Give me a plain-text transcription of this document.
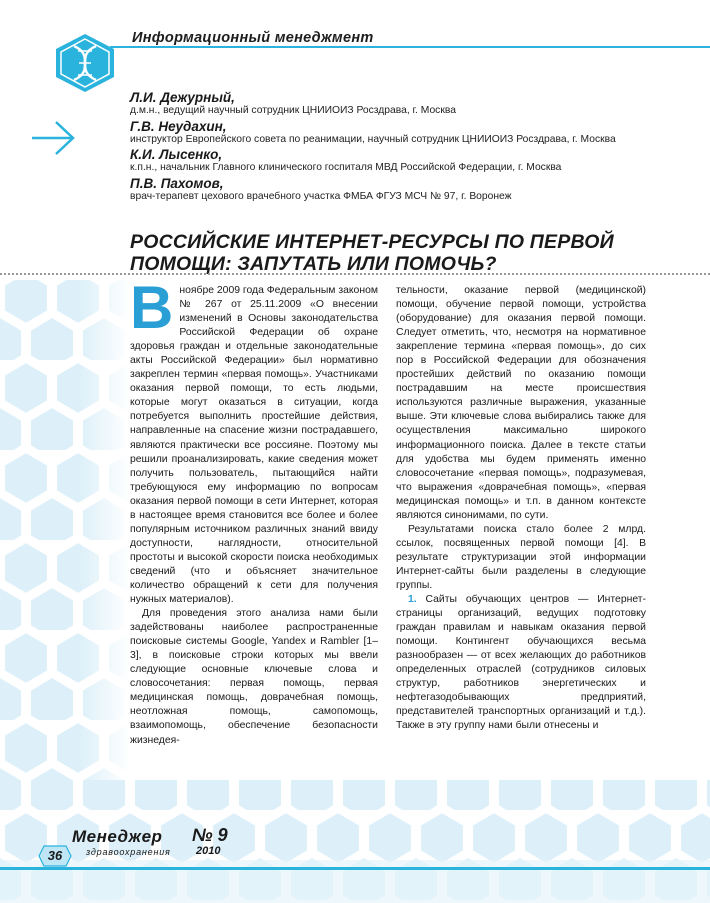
Информационный менеджмент
Л.И. Дежурный,
д.м.н., ведущий научный сотрудник ЦНИИОИЗ Росздрава, г. Москва
Г.В. Неудахин,
инструктор Европейского совета по реанимации, научный сотрудник ЦНИИОИЗ Росздрава, г. Москва
К.И. Лысенко,
к.п.н., начальник Главного клинического госпиталя МВД Российской Федерации, г. Москва
П.В. Пахомов,
врач-терапевт цехового врачебного участка ФМБА ФГУЗ МСЧ № 97, г. Воронеж
РОССИЙСКИЕ ИНТЕРНЕТ-РЕСУРСЫ ПО ПЕРВОЙ ПОМОЩИ: ЗАПУТАТЬ ИЛИ ПОМОЧЬ?

Вноябре 2009 года Федеральным законом № 267 от 25.11.2009 «О внесении изменений в Основы законодательства Российской Федерации об охране здоровья граждан и отдельные законодательные акты Российской Федерации» был нормативно закреплен термин «первая помощь». Участниками оказания первой помощи, то есть людьми, которые могут оказаться в ситуации, когда потребуется выполнить простейшие действия, направленные на спасение жизни пострадавшего, являются практически все россияне. Поэтому мы решили проанализировать, какие сведения может получить пользователь, пытающийся найти требующуюся ему информацию по вопросам оказания первой помощи в сети Интернет, которая в настоящее время становится все более и более популярным источником различных знаний ввиду доступности, наглядности, относительной простоты и высокой скорости поиска необходимых сведений (что и объясняет значительное количество обращений к сети для получения нужных материалов).

Для проведения этого анализа нами были задействованы наиболее распространенные поисковые системы Google, Yandex и Rambler [1–3], в поисковые строки которых мы ввели следующие основные ключевые слова и словосочетания: первая помощь, первая медицинская помощь, доврачебная помощь, неотложная помощь, самопомощь, взаимопомощь, обеспечение безопасности жизнедея-

тельности, оказание первой (медицинской) помощи, обучение первой помощи, устройства (оборудование) для оказания первой помощи. Следует отметить, что, несмотря на нормативное закрепление термина «первая помощь», до сих пор в Российской Федерации для обозначения простейших действий по оказанию помощи пострадавшим на месте происшествия используются различные выражения, указанные выше. Эти ключевые слова выбирались также для осуществления максимально широкого информационного поиска. Далее в тексте статьи для удобства мы будем применять именно словосочетание «первая помощь», подразумевая, что выражения «доврачебная помощь», «первая медицинская помощь» и т.п. в данном контексте являются синонимами, по сути.

Результатами поиска стало более 2 млрд. ссылок, посвященных первой помощи [4]. В результате структуризации этой информации Интернет-сайты были разделены в следующие группы.

1. Сайты обучающих центров — Интернет-страницы организаций, ведущих подготовку граждан правилам и навыкам оказания первой помощи. Контингент обучающихся весьма разнообразен — от всех желающих до работников определенных отраслей (сотрудников силовых структур, работников энергетических и нефтегазодобывающих предприятий, представителей транспортных организаций и т.д.). Также в эту группу нами были отнесены и

36
Менеджер
здравоохранения
№ 9
2010
